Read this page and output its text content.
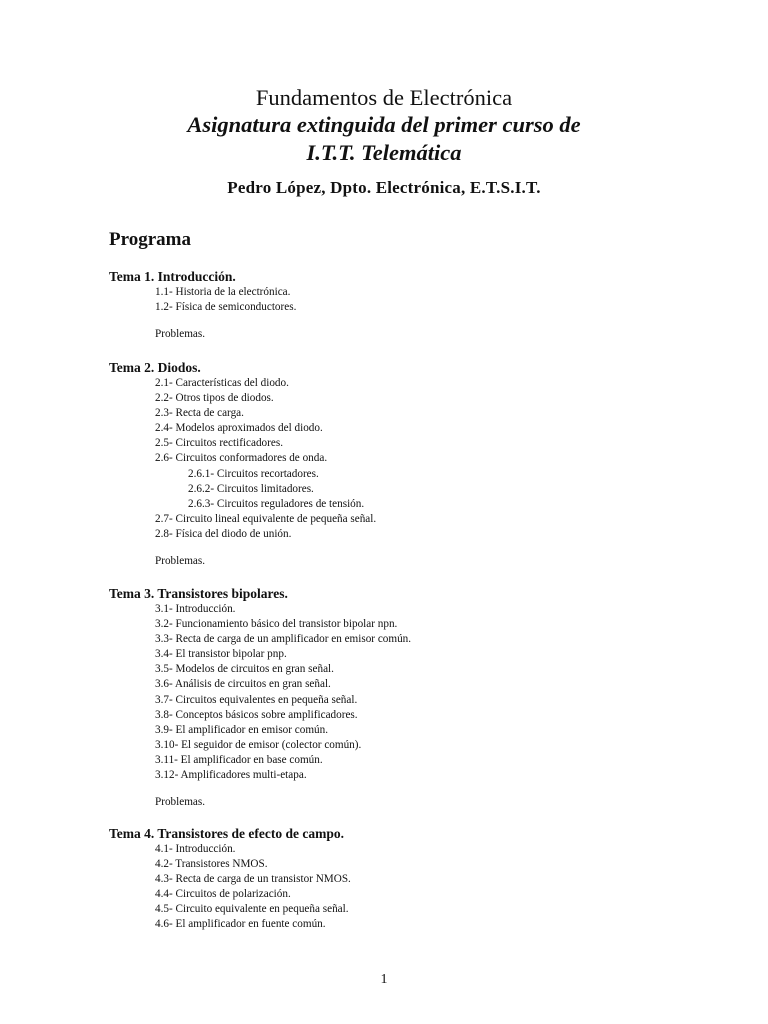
Fundamentos de Electrónica
Asignatura extinguida del primer curso de
I.T.T. Telemática
Pedro López, Dpto. Electrónica, E.T.S.I.T.
Programa
Tema 1. Introducción.
1.1- Historia de la electrónica.
1.2- Física de semiconductores.
Problemas.
Tema 2. Diodos.
2.1- Características del diodo.
2.2- Otros tipos de diodos.
2.3- Recta de carga.
2.4- Modelos aproximados del diodo.
2.5- Circuitos rectificadores.
2.6- Circuitos conformadores de onda.
2.6.1- Circuitos recortadores.
2.6.2- Circuitos limitadores.
2.6.3- Circuitos reguladores de tensión.
2.7- Circuito lineal equivalente de pequeña señal.
2.8- Física del diodo de unión.
Problemas.
Tema 3. Transistores bipolares.
3.1- Introducción.
3.2- Funcionamiento básico del transistor bipolar npn.
3.3- Recta de carga de un amplificador en emisor común.
3.4- El transistor bipolar pnp.
3.5- Modelos de circuitos en gran señal.
3.6- Análisis de circuitos en gran señal.
3.7- Circuitos equivalentes en pequeña señal.
3.8- Conceptos básicos sobre amplificadores.
3.9- El amplificador en emisor común.
3.10- El seguidor de emisor (colector común).
3.11- El amplificador en base común.
3.12- Amplificadores multi-etapa.
Problemas.
Tema 4. Transistores de efecto de campo.
4.1- Introducción.
4.2- Transistores NMOS.
4.3- Recta de carga de un transistor NMOS.
4.4- Circuitos de polarización.
4.5- Circuito equivalente en pequeña señal.
4.6- El amplificador en fuente común.
1
